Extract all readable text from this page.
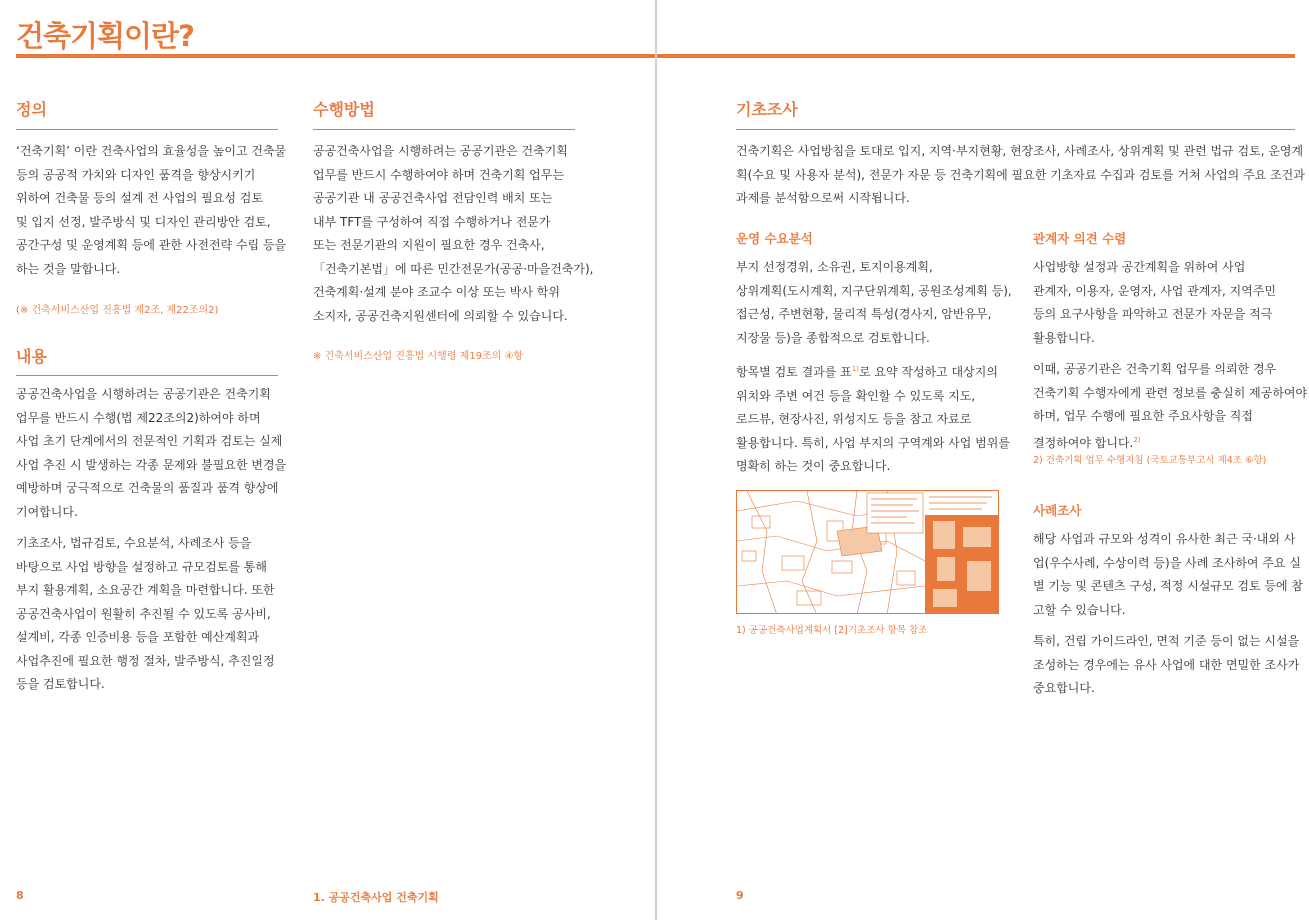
건축기획이란?
정의
‘건축기획’ 이란 건축사업의 효율성을 높이고 건축물
등의 공공적 가치와 디자인 품격을 향상시키기
위하여 건축물 등의 설계 전 사업의 필요성 검토
및 입지 선정, 발주방식 및 디자인 관리방안 검토,
공간구성 및 운영계획 등에 관한 사전전략 수립 등을
하는 것을 말합니다.
(※ 건축서비스산업 진흥법 제2조, 제22조의2)
내용
공공건축사업을 시행하려는 공공기관은 건축기획
업무를 반드시 수행(법 제22조의2)하여야 하며
사업 초기 단계에서의 전문적인 기획과 검토는 실제
사업 추진 시 발생하는 각종 문제와 불필요한 변경을
예방하며 궁극적으로 건축물의 품질과 품격 향상에
기여합니다.
기초조사, 법규검토, 수요분석, 사례조사 등을
바탕으로 사업 방향을 설정하고 규모검토를 통해
부지 활용계획, 소요공간 계획을 마련합니다. 또한
공공건축사업이 원활히 추진될 수 있도록 공사비,
설계비, 각종 인증비용 등을 포함한 예산계획과
사업추진에 필요한 행정 절차, 발주방식, 추진일정
등을 검토합니다.
수행방법
공공건축사업을 시행하려는 공공기관은 건축기획
업무를 반드시 수행하여야 하며 건축기획 업무는
공공기관 내 공공건축사업 전담인력 배치 또는
내부 TFT를 구성하여 직접 수행하거나 전문가
또는 전문기관의 지원이 필요한 경우 건축사,
「건축기본법」에 따른 민간전문가(공공·마을건축가),
건축계획·설계 분야 조교수 이상 또는 박사 학위
소지자, 공공건축지원센터에 의뢰할 수 있습니다.
※ 건축서비스산업 진흥법 시행령 제19조의 ④항
기초조사
건축기획은 사업방침을 토대로 입지, 지역·부지현황, 현장조사, 사례조사, 상위계획 및 관련 법규 검토, 운영계
획(수요 및 사용자 분석), 전문가 자문 등 건축기획에 필요한 기초자료 수집과 검토를 거쳐 사업의 주요 조건과
과제를 분석함으로써 시작됩니다.
운영 수요분석
부지 선정경위, 소유권, 토지이용계획,
상위계획(도시계획, 지구단위계획, 공원조성계획 등),
접근성, 주변현황, 물리적 특성(경사지, 암반유무,
지장물 등)을 종합적으로 검토합니다.
항목별 검토 결과를 표$^{1)}$로 요약 작성하고 대상지의
위치와 주변 여건 등을 확인할 수 있도록 지도,
로드뷰, 현장사진, 위성지도 등을 참고 자료로
활용합니다. 특히, 사업 부지의 구역계와 사업 범위를
명확히 하는 것이 중요합니다.
1) 공공건축사업계획서 [2]기초조사 항목 참조
관계자 의견 수렴
사업방향 설정과 공간계획을 위하여 사업
관계자, 이용자, 운영자, 사업 관계자, 지역주민
등의 요구사항을 파악하고 전문가 자문을 적극
활용합니다.
이때, 공공기관은 건축기획 업무를 의뢰한 경우
건축기획 수행자에게 관련 정보를 충실히 제공하여야
하며, 업무 수행에 필요한 주요사항을 직접
결정하여야 합니다.$^{2)}$
2) 건축기획 업무 수행지침 (국토교통부고시 제4조 ⑥항)
사례조사
해당 사업과 규모와 성격이 유사한 최근 국·내외 사
업(우수사례, 수상이력 등)을 사례 조사하여 주요 실
별 기능 및 콘텐츠 구성, 적정 시설규모 검토 등에 참
고할 수 있습니다.
특히, 건립 가이드라인, 면적 기준 등이 없는 시설을
조성하는 경우에는 유사 사업에 대한 면밀한 조사가
중요합니다.
8	1. 공공건축사업 건축기획	9
